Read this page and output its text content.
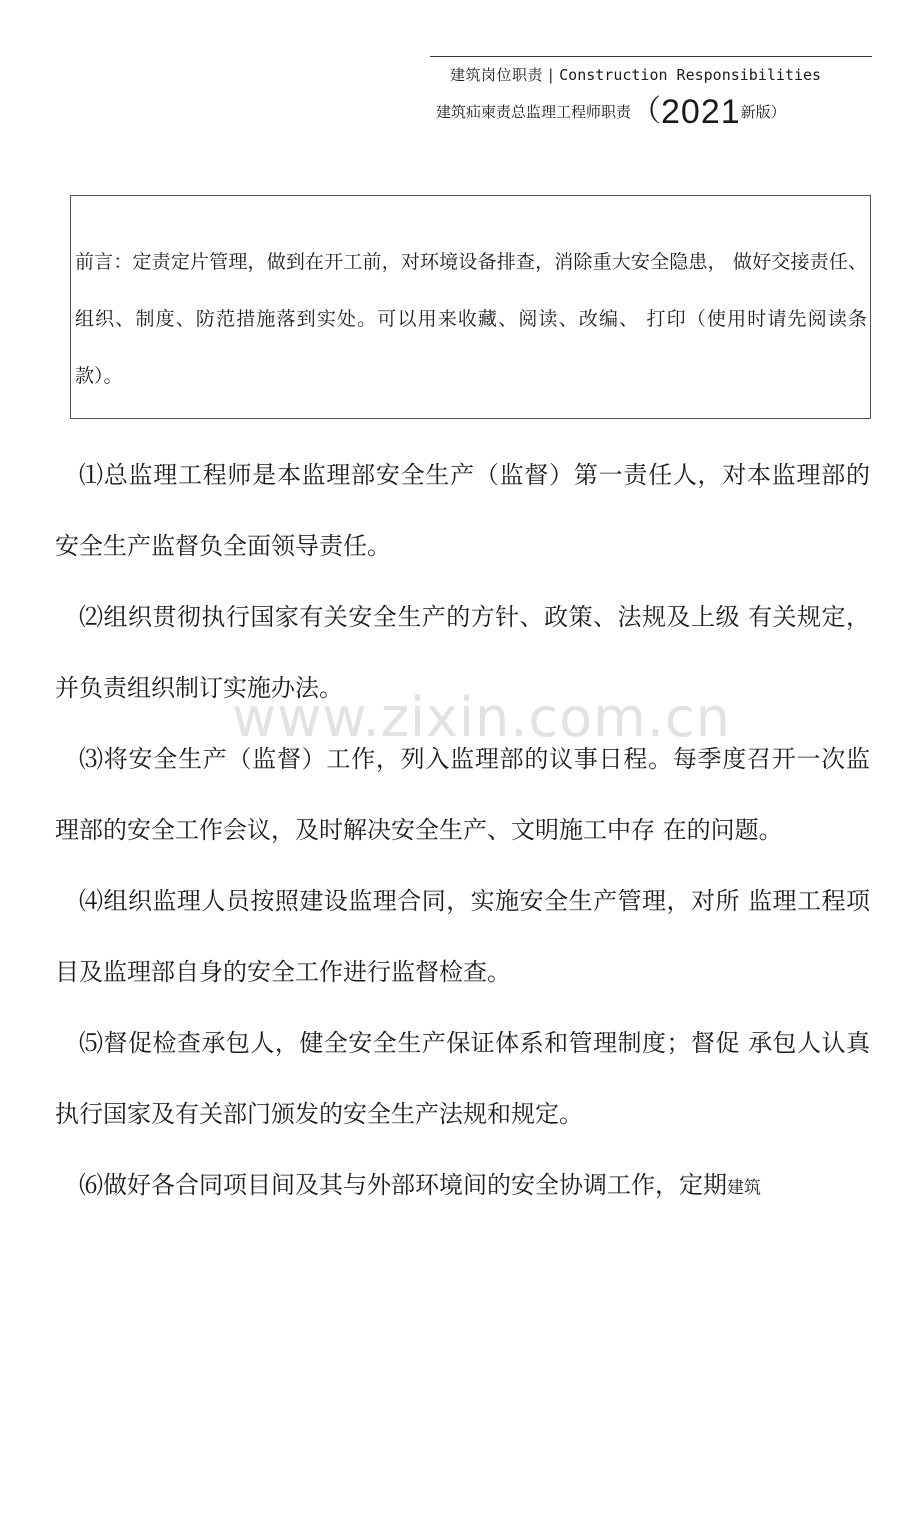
建筑岗位职责 | Construction Responsibilities
建筑疝柬责总监理工程师职责（2021新版）
前言：定责定片管理，做到在开工前，对环境设备排查，消除重大安全隐患， 做好交接责任、组织、制度、防范措施落到实处。可以用来收藏、阅读、改编、 打印（使用时请先阅读条款）。
www.zixin.com.cn

⑴总监理工程师是本监理部安全生产（监督）第一责任人，对本监理部的安全生产监督负全面领导责任。

⑵组织贯彻执行国家有关安全生产的方针、政策、法规及上级 有关规定，并负责组织制订实施办法。

⑶将安全生产（监督）工作，列入监理部的议事日程。每季度召开一次监理部的安全工作会议，及时解决安全生产、文明施工中存 在的问题。

⑷组织监理人员按照建设监理合同，实施安全生产管理，对所 监理工程项目及监理部自身的安全工作进行监督检查。

⑸督促检查承包人，健全安全生产保证体系和管理制度；督促 承包人认真执行国家及有关部门颁发的安全生产法规和规定。

⑹做好各合同项目间及其与外部环境间的安全协调工作，定期建筑
